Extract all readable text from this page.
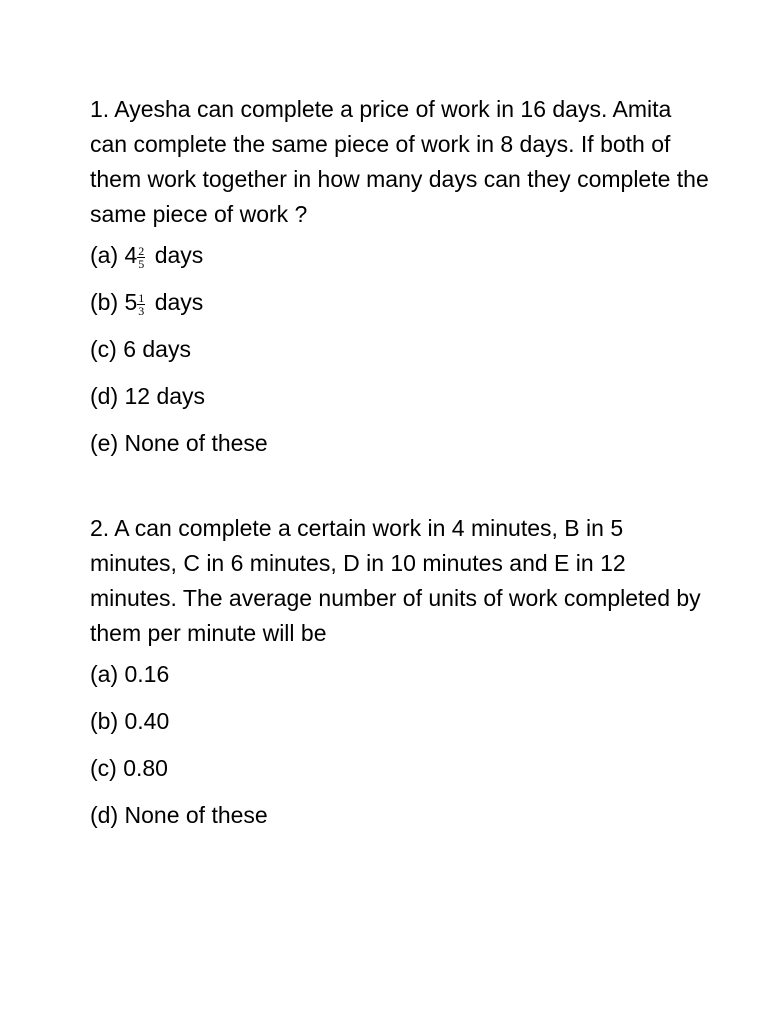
1. Ayesha can complete a price of work in 16 days. Amita can complete the same piece of work in 8 days. If both of them work together in how many days can they complete the same piece of work ?

(a) $4 \frac{2}{5}$ days
(b) $5 \frac{1}{3}$ days
(c) 6 days
(d) 12 days
(e) None of these

2. A can complete a certain work in 4 minutes, B in 5 minutes, C in 6 minutes, D in 10 minutes and E in 12 minutes. The average number of units of work completed by them per minute will be

(a) 0.16
(b) 0.40
(c) 0.80
(d) None of these
